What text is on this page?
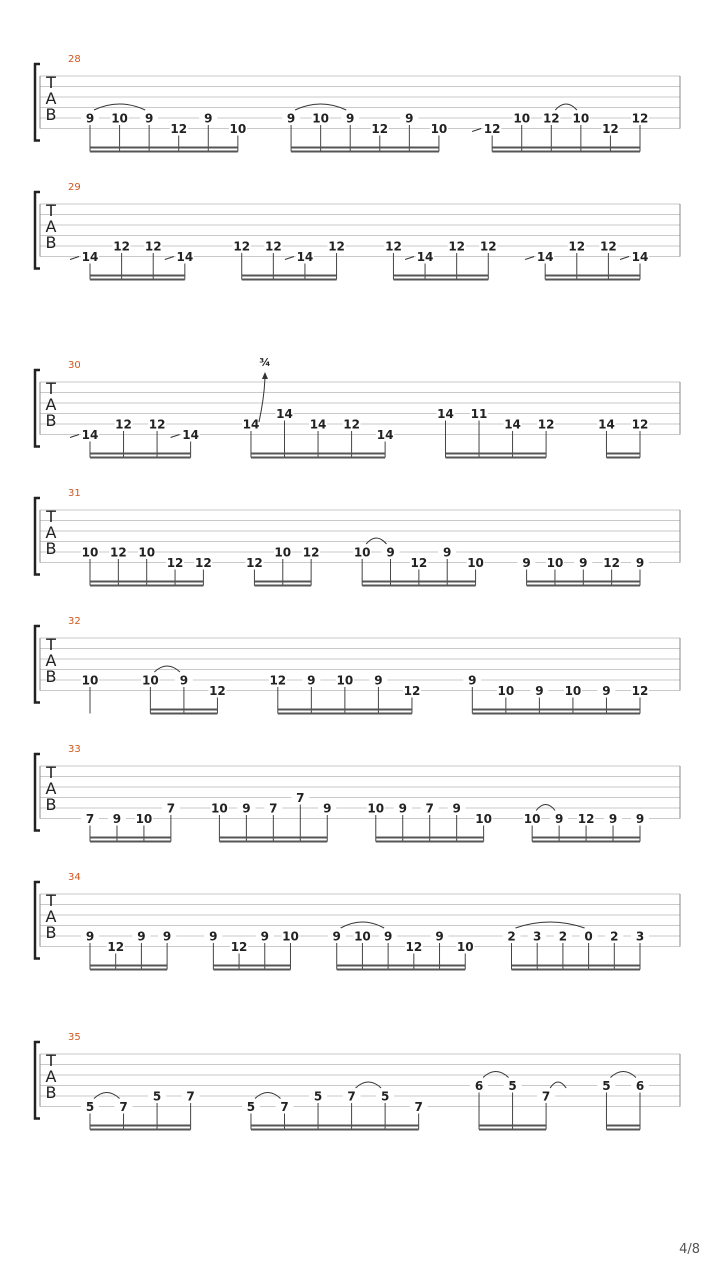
T
A
B
28
9 10 9
12
9
10
9 10 9
12
9
10	12
10 12 10
12
12
T
A
B
29
14
12 12
14
12 12
14
12	12
14
12 12
14
12 12
14
T
A
B
30
14
12 12
14
14
¾
14
14 12
14
14 11
14 12	14 12
T
A
B
31
10 12 10
12 12	12
10 12	10 9
12
9
10	9 10 9 12 9
T
A
B
32
10	10 9
12
12 9 10 9
12
9
10 9 10 9 12
T
A
B
33
7 9 10
7	10 9 7
7
9	10 9 7 9
10	10 9 12 9 9
T
A
B
34
9
12
9 9	9
12
9 10	9 10 9
12
9
10
2 3 2 0 2 3
T
A
B
35
5 7
5 7
5 7
5 7 5
7
6 5
7
5 6
4/8
